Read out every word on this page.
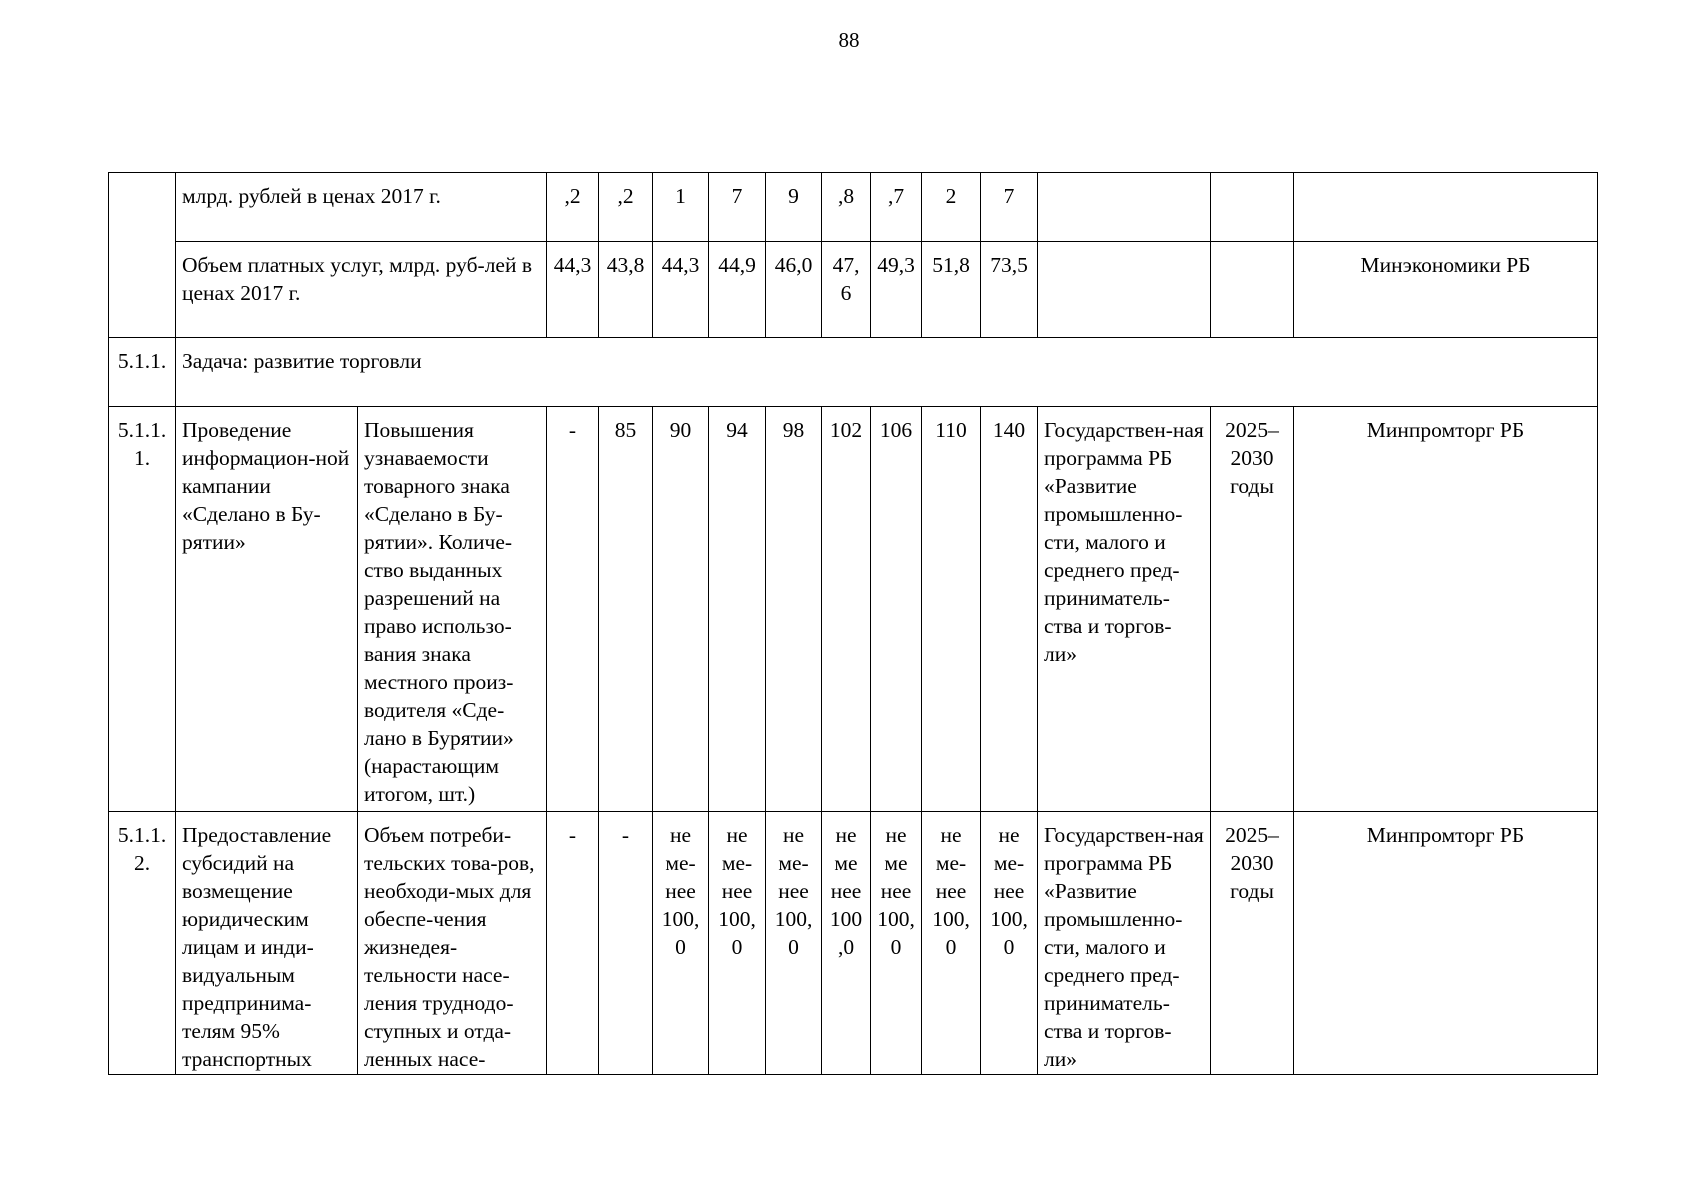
88
	млрд. рублей в ценах 2017 г.		,2	,2	1	7	9	,8	,7	2	7			
	Объем платных услуг, млрд. руб-лей в ценах 2017 г.		44,3	43,8	44,3	44,9	46,0	47,6	49,3	51,8	73,5			Минэкономики РБ
5.1.1.	Задача: развитие торговли													
5.1.1.1.	Проведение информацион-ной кампании «Сделано в Бу-рятии»	Повышения узнаваемости товарного знака «Сделано в Бу-рятии». Количе-ство выданных разрешений на право использо-вания знака местного произ-водителя «Сде-лано в Бурятии» (нарастающим итогом, шт.)	-	85	90	94	98	102	106	110	140	Государствен-ная программа РБ «Развитие промышленно-сти, малого и среднего пред-приниматель-ства и торгов-ли»	2025–2030 годы	Минпромторг РБ
5.1.1.2.	Предоставление субсидий на возмещение юридическим лицам и инди-видуальным предпринима-телям 95% транспортных	Объем потреби-тельских това-ров, необходи-мых для обеспе-чения жизнедея-тельности насе-ления труднодо-ступных и отда-ленных насе-	-	-	не ме-нее 100,0	не ме-нее 100,0	не ме-нее 100,0	не ме нее 100,0	не ме нее 100,0	не ме-нее 100,0	не ме-нее 100,0	Государствен-ная программа РБ «Развитие промышленно-сти, малого и среднего пред-приниматель-ства и торгов-ли»	2025–2030 годы	Минпромторг РБ
